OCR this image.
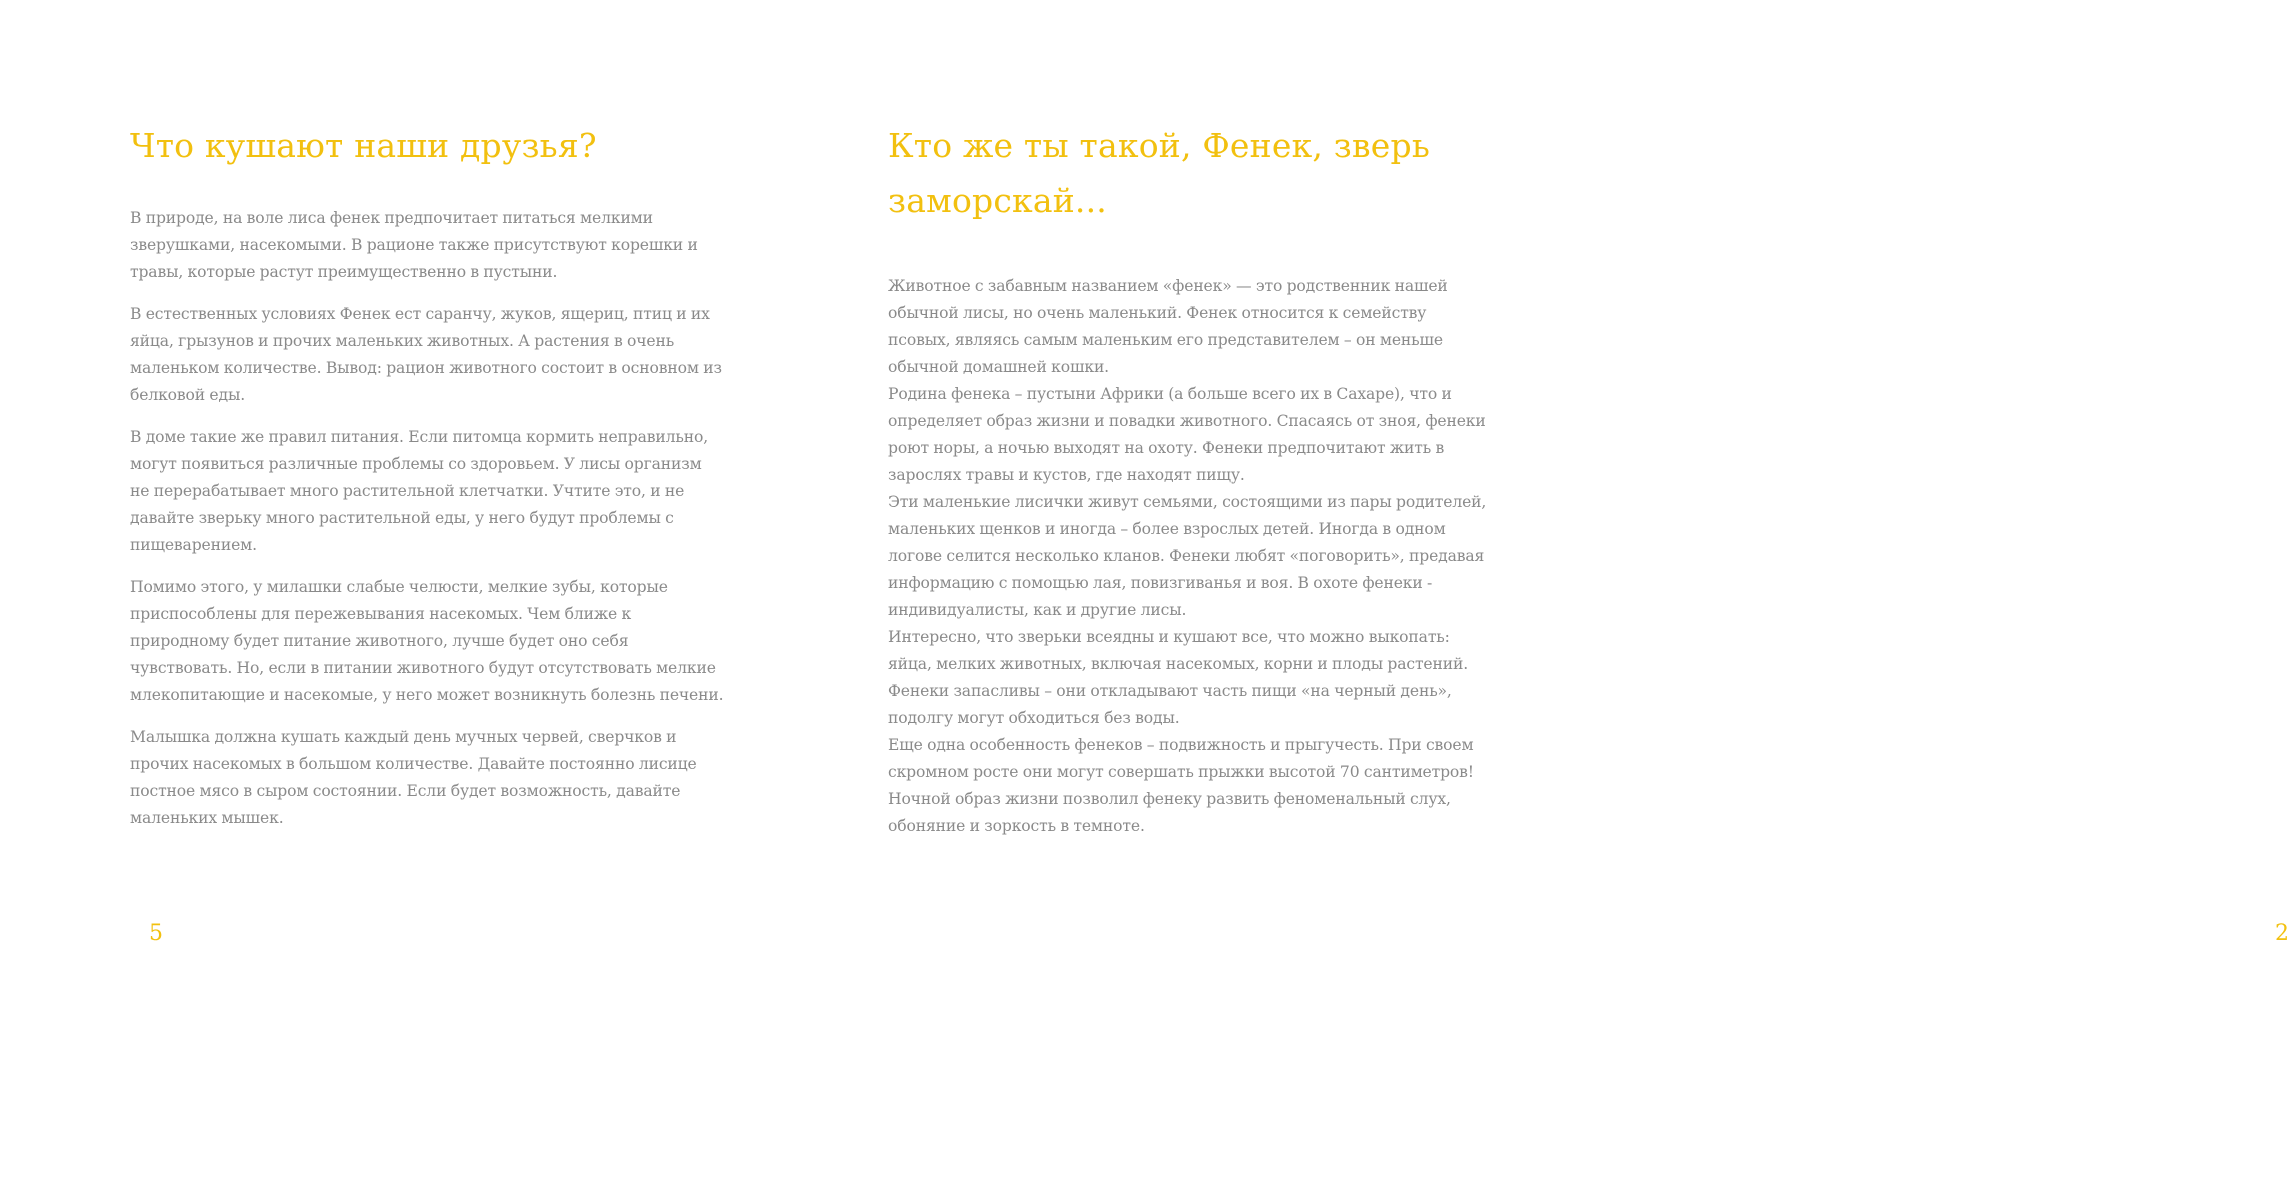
Что кушают наши друзья?

В природе, на воле лиса фенек предпочитает питаться мелкими зверушками, насекомыми. В рационе также присутствуют корешки и травы, которые растут преимущественно в пустыни.

В естественных условиях Фенек ест саранчу, жуков, ящериц, птиц и их яйца, грызунов и прочих маленьких животных. А растения в очень маленьком количестве. Вывод: рацион животного состоит в основном из белковой еды.

В доме такие же правил питания. Если питомца кормить неправильно, могут появиться различные проблемы со здоровьем. У лисы организм не перерабатывает много растительной клетчатки. Учтите это, и не давайте зверьку много растительной еды, у него будут проблемы с пищеварением.

Помимо этого, у милашки слабые челюсти, мелкие зубы, которые приспособлены для пережевывания насекомых. Чем ближе к природному будет питание животного, лучше будет оно себя чувствовать. Но, если в питании животного будут отсутствовать мелкие млекопитающие и насекомые, у него может возникнуть болезнь печени.

Малышка должна кушать каждый день мучных червей, сверчков и прочих насекомых в большом количестве. Давайте постоянно лисице постное мясо в сыром состоянии. Если будет возможность, давайте маленьких мышек.

5	2
Кто же ты такой, Фенек, зверь заморскай...

Животное с забавным названием «фенек» — это родственник нашей обычной лисы, но очень маленький. Фенек относится к семейству псовых, являясь самым маленьким его представителем – он меньше обычной домашней кошки.

Родина фенека – пустыни Африки (а больше всего их в Сахаре), что и определяет образ жизни и повадки животного. Спасаясь от зноя, фенеки роют норы, а ночью выходят на охоту. Фенеки предпочитают жить в зарослях травы и кустов, где находят пищу.

Эти маленькие лисички живут семьями, состоящими из пары родителей, маленьких щенков и иногда – более взрослых детей. Иногда в одном логове селится несколько кланов. Фенеки любят «поговорить», предавая информацию с помощью лая, повизгиванья и воя. В охоте фенеки - индивидуалисты, как и другие лисы.

Интересно, что зверьки всеядны и кушают все, что можно выкопать: яйца, мелких животных, включая насекомых, корни и плоды растений. Фенеки запасливы – они откладывают часть пищи «на черный день», подолгу могут обходиться без воды.

Еще одна особенность фенеков – подвижность и прыгучесть. При своем скромном росте они могут совершать прыжки высотой 70 сантиметров! Ночной образ жизни позволил фенеку развить феноменальный слух, обоняние и зоркость в темноте.
